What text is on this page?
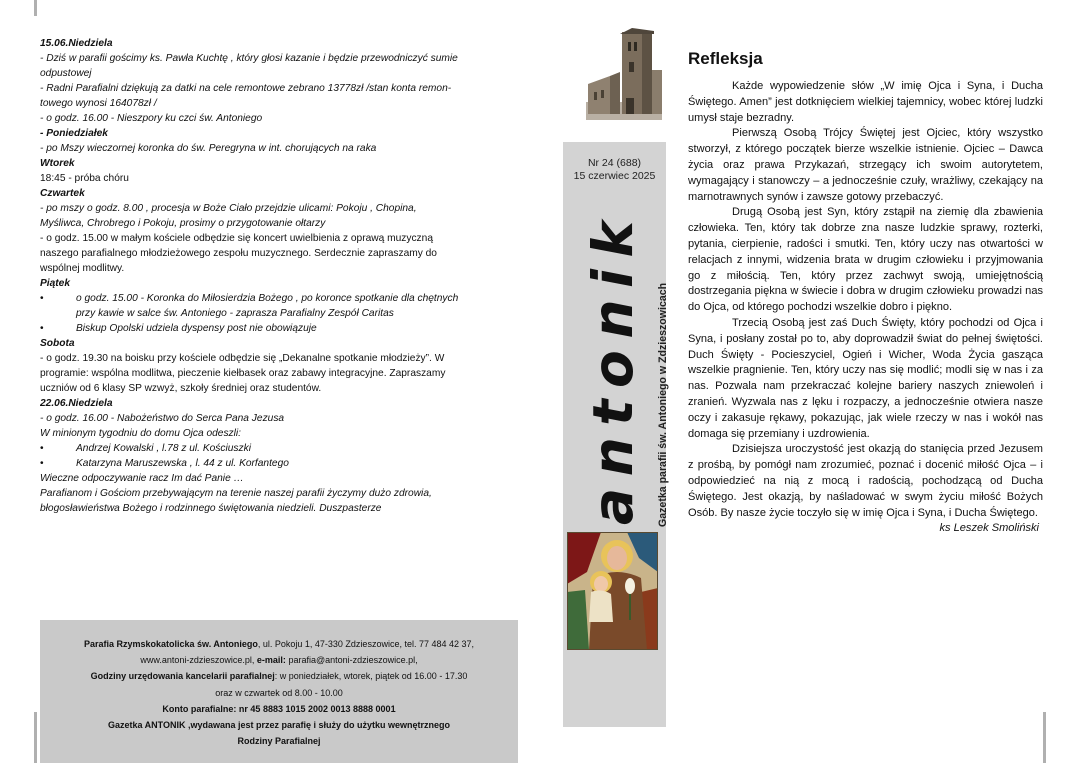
15.06.Niedziela
- Dziś w parafii gościmy ks. Pawła Kuchtę , który głosi kazanie i będzie przewodniczyć sumie
odpustowej
- Radni Parafialni dziękują za datki na cele remontowe zebrano 13778zł /stan konta remon-
towego wynosi 164078zł /
- o godz. 16.00 - Nieszpory ku czci św. Antoniego
- Poniedziałek
- po Mszy wieczornej koronka do św. Peregryna w int. chorujących na raka
Wtorek
18:45 - próba chóru
Czwartek
- po mszy o godz. 8.00 , procesja w Boże Ciało przejdzie ulicami: Pokoju , Chopina,
Myśliwca, Chrobrego i Pokoju, prosimy o przygotowanie ołtarzy
- o godz. 15.00 w małym kościele odbędzie się koncert uwielbienia z oprawą muzyczną
naszego parafialnego młodzieżowego zespołu muzycznego. Serdecznie zapraszamy do
wspólnej modlitwy.
Piątek
•	o godz. 15.00 - Koronka do Miłosierdzia Bożego , po koronce spotkanie dla chętnych
przy kawie w salce św. Antoniego - zaprasza Parafialny Zespół Caritas
•	Biskup Opolski udziela dyspensy post nie obowiązuje
Sobota
- o godz. 19.30 na boisku przy kościele odbędzie się „Dekanalne spotkanie młodzieży”. W
programie: wspólna modlitwa, pieczenie kiełbasek oraz zabawy integracyjne. Zapraszamy
uczniów od 6 klasy SP wzwyż, szkoły średniej oraz studentów.
22.06.Niedziela
- o godz. 16.00 - Nabożeństwo do Serca Pana Jezusa
W minionym tygodniu do domu Ojca odeszli:
•	Andrzej Kowalski , l.78 z ul. Kościuszki
•	Katarzyna Maruszewska , l. 44 z ul. Korfantego
Wieczne odpoczywanie racz Im dać Panie …
Parafianom i Gościom przebywającym na terenie naszej parafii życzymy dużo zdrowia,
błogosławieństwa Bożego i rodzinnego świętowania niedzieli. Duszpasterze
Parafia Rzymskokatolicka św. Antoniego, ul. Pokoju 1, 47-330 Zdzieszowice, tel. 77 484 42 37,
www.antoni-zdzieszowice.pl, e-mail: parafia@antoni-zdzieszowice.pl,
Godziny urzędowania kancelarii parafialnej: w poniedziałek, wtorek, piątek od 16.00 - 17.30
oraz w czwartek od 8.00 - 10.00
Konto parafialne: nr 45 8883 1015 2002 0013 8888 0001
Gazetka ANTONIK ,wydawana jest przez parafię i służy do użytku wewnętrznego
Rodziny Parafialnej
Nr 24 (688)
15 czerwiec 2025
antonik Gazetka parafii św. Antoniego w Zdzieszowicach
Refleksja

Każde wypowiedzenie słów „W imię Ojca i Syna, i Ducha Świętego. Amen” jest dotknięciem wielkiej tajemnicy, wobec której ludzki umysł staje bezradny.

Pierwszą Osobą Trójcy Świętej jest Ojciec, który wszystko stworzył, z którego początek bierze wszelkie istnienie. Ojciec – Dawca życia oraz prawa Przykazań, strzegący ich swoim autorytetem, wymagający i stanowczy – a jednocześnie czuły, wrażliwy, czekający na marnotrawnych synów i zawsze gotowy przebaczyć.

Drugą Osobą jest Syn, który zstąpił na ziemię dla zbawienia człowieka. Ten, który tak dobrze zna nasze ludzkie sprawy, rozterki, pytania, cierpienie, radości i smutki. Ten, który uczy nas otwartości w relacjach z innymi, widzenia brata w drugim człowieku i przyjmowania go z miłością. Ten, który przez zachwyt swoją, umiejętnością dostrzegania piękna w świecie i dobra w drugim człowieku prowadzi nas do Ojca, od którego pochodzi wszelkie dobro i piękno.

Trzecią Osobą jest zaś Duch Święty, który pochodzi od Ojca i Syna, i posłany został po to, aby doprowadził świat do pełnej świętości. Duch Święty - Pocieszyciel, Ogień i Wicher, Woda Życia gasząca wszelkie pragnienie. Ten, który uczy nas się modlić; modli się w nas i za nas. Pozwala nam przekraczać kolejne bariery naszych zniewoleń i zranień. Wyzwala nas z lęku i rozpaczy, a jednocześnie otwiera nasze oczy i zakasuje rękawy, pokazując, jak wiele rzeczy w nas i wokół nas domaga się przemiany i uzdrowienia.

Dzisiejsza uroczystość jest okazją do stanięcia przed Jezusem z prośbą, by pomógł nam zrozumieć, poznać i docenić miłość Ojca – i odpowiedzieć na nią z mocą i radością, pochodzącą od Ducha Świętego. Jest okazją, by naśladować w swym życiu miłość Bożych Osób. By nasze życie toczyło się w imię Ojca i Syna, i Ducha Świętego.

ks Leszek Smoliński
